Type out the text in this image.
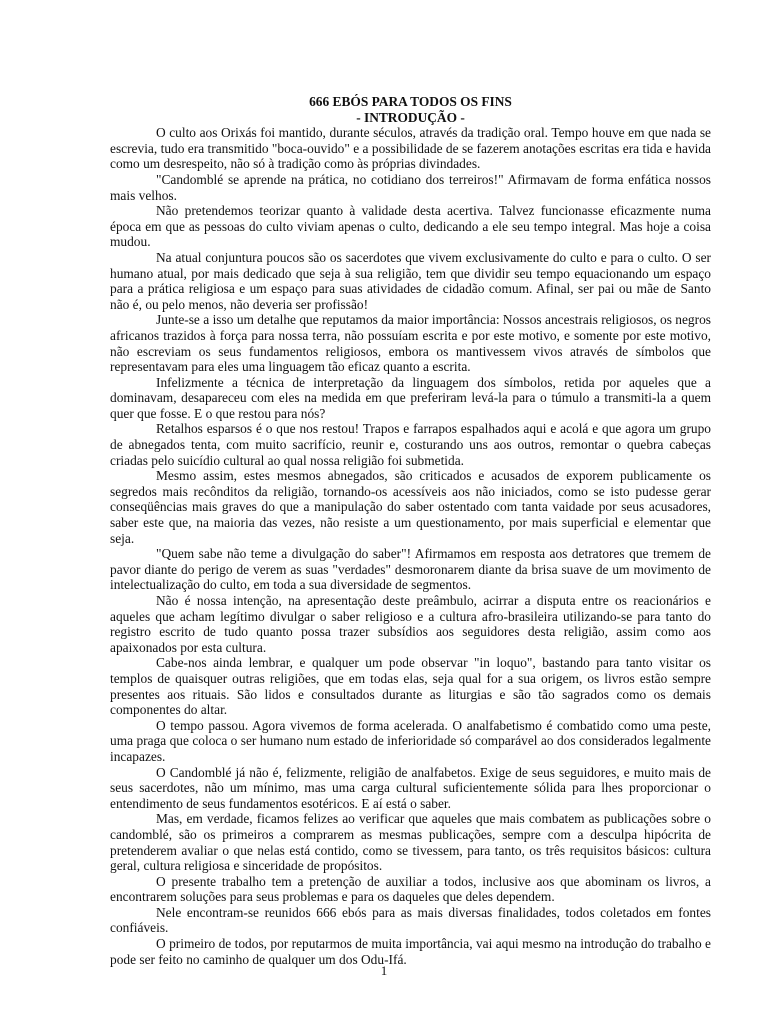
666 EBÓS PARA TODOS OS FINS

- INTRODUÇÃO -

O culto aos Orixás foi mantido, durante séculos, através da tradição oral. Tempo houve em que nada se escrevia, tudo era transmitido "boca-ouvido" e a possibilidade de se fazerem anotações escritas era tida e havida como um desrespeito, não só à tradição como às próprias divindades.

"Candomblé se aprende na prática, no cotidiano dos terreiros!" Afirmavam de forma enfática nossos mais velhos.

Não pretendemos teorizar quanto à validade desta acertiva. Talvez funcionasse eficazmente numa época em que as pessoas do culto viviam apenas o culto, dedicando a ele seu tempo integral. Mas hoje a coisa mudou.

Na atual conjuntura poucos são os sacerdotes que vivem exclusivamente do culto e para o culto. O ser humano atual, por mais dedicado que seja à sua religião, tem que dividir seu tempo equacionando um espaço para a prática religiosa e um espaço para suas atividades de cidadão comum. Afinal, ser pai ou mãe de Santo não é, ou pelo menos, não deveria ser profissão!

Junte-se a isso um detalhe que reputamos da maior importância: Nossos ancestrais religiosos, os negros africanos trazidos à força para nossa terra, não possuíam escrita e por este motivo, e somente por este motivo, não escreviam os seus fundamentos religiosos, embora os mantivessem vivos através de símbolos que representavam para eles uma linguagem tão eficaz quanto a escrita.

Infelizmente a técnica de interpretação da linguagem dos símbolos, retida por aqueles que a dominavam, desapareceu com eles na medida em que preferiram levá-la para o túmulo a transmiti-la a quem quer que fosse. E o que restou para nós?

Retalhos esparsos é o que nos restou! Trapos e farrapos espalhados aqui e acolá e que agora um grupo de abnegados tenta, com muito sacrifício, reunir e, costurando uns aos outros, remontar o quebra cabeças criadas pelo suicídio cultural ao qual nossa religião foi submetida.

Mesmo assim, estes mesmos abnegados, são criticados e acusados de exporem publicamente os segredos mais recônditos da religião, tornando-os acessíveis aos não iniciados, como se isto pudesse gerar conseqüências mais graves do que a manipulação do saber ostentado com tanta vaidade por seus acusadores, saber este que, na maioria das vezes, não resiste a um questionamento, por mais superficial e elementar que seja.

"Quem sabe não teme a divulgação do saber"! Afirmamos em resposta aos detratores que tremem de pavor diante do perigo de verem as suas "verdades" desmoronarem diante da brisa suave de um movimento de intelectualização do culto, em toda a sua diversidade de segmentos.

Não é nossa intenção, na apresentação deste preâmbulo, acirrar a disputa entre os reacionários e aqueles que acham legítimo divulgar o saber religioso e a cultura afro-brasileira utilizando-se para tanto do registro escrito de tudo quanto possa trazer subsídios aos seguidores desta religião, assim como aos apaixonados por esta cultura.

Cabe-nos ainda lembrar, e qualquer um pode observar "in loquo", bastando para tanto visitar os templos de quaisquer outras religiões, que em todas elas, seja qual for a sua origem, os livros estão sempre presentes aos rituais. São lidos e consultados durante as liturgias e são tão sagrados como os demais componentes do altar.

O tempo passou. Agora vivemos de forma acelerada. O analfabetismo é combatido como uma peste, uma praga que coloca o ser humano num estado de inferioridade só comparável ao dos considerados legalmente incapazes.

O Candomblé já não é, felizmente, religião de analfabetos. Exige de seus seguidores, e muito mais de seus sacerdotes, não um mínimo, mas uma carga cultural suficientemente sólida para lhes proporcionar o entendimento de seus fundamentos esotéricos. E aí está o saber.

Mas, em verdade, ficamos felizes ao verificar que aqueles que mais combatem as publicações sobre o candomblé, são os primeiros a comprarem as mesmas publicações, sempre com a desculpa hipócrita de pretenderem avaliar o que nelas está contido, como se tivessem, para tanto, os três requisitos básicos: cultura geral, cultura religiosa e sinceridade de propósitos.

O presente trabalho tem a pretenção de auxiliar a todos, inclusive aos que abominam os livros, a encontrarem soluções para seus problemas e para os daqueles que deles dependem.

Nele encontram-se reunidos 666 ebós para as mais diversas finalidades, todos coletados em fontes confiáveis.

O primeiro de todos, por reputarmos de muita importância, vai aqui mesmo na introdução do trabalho e pode ser feito no caminho de qualquer um dos Odu-Ifá.

1
